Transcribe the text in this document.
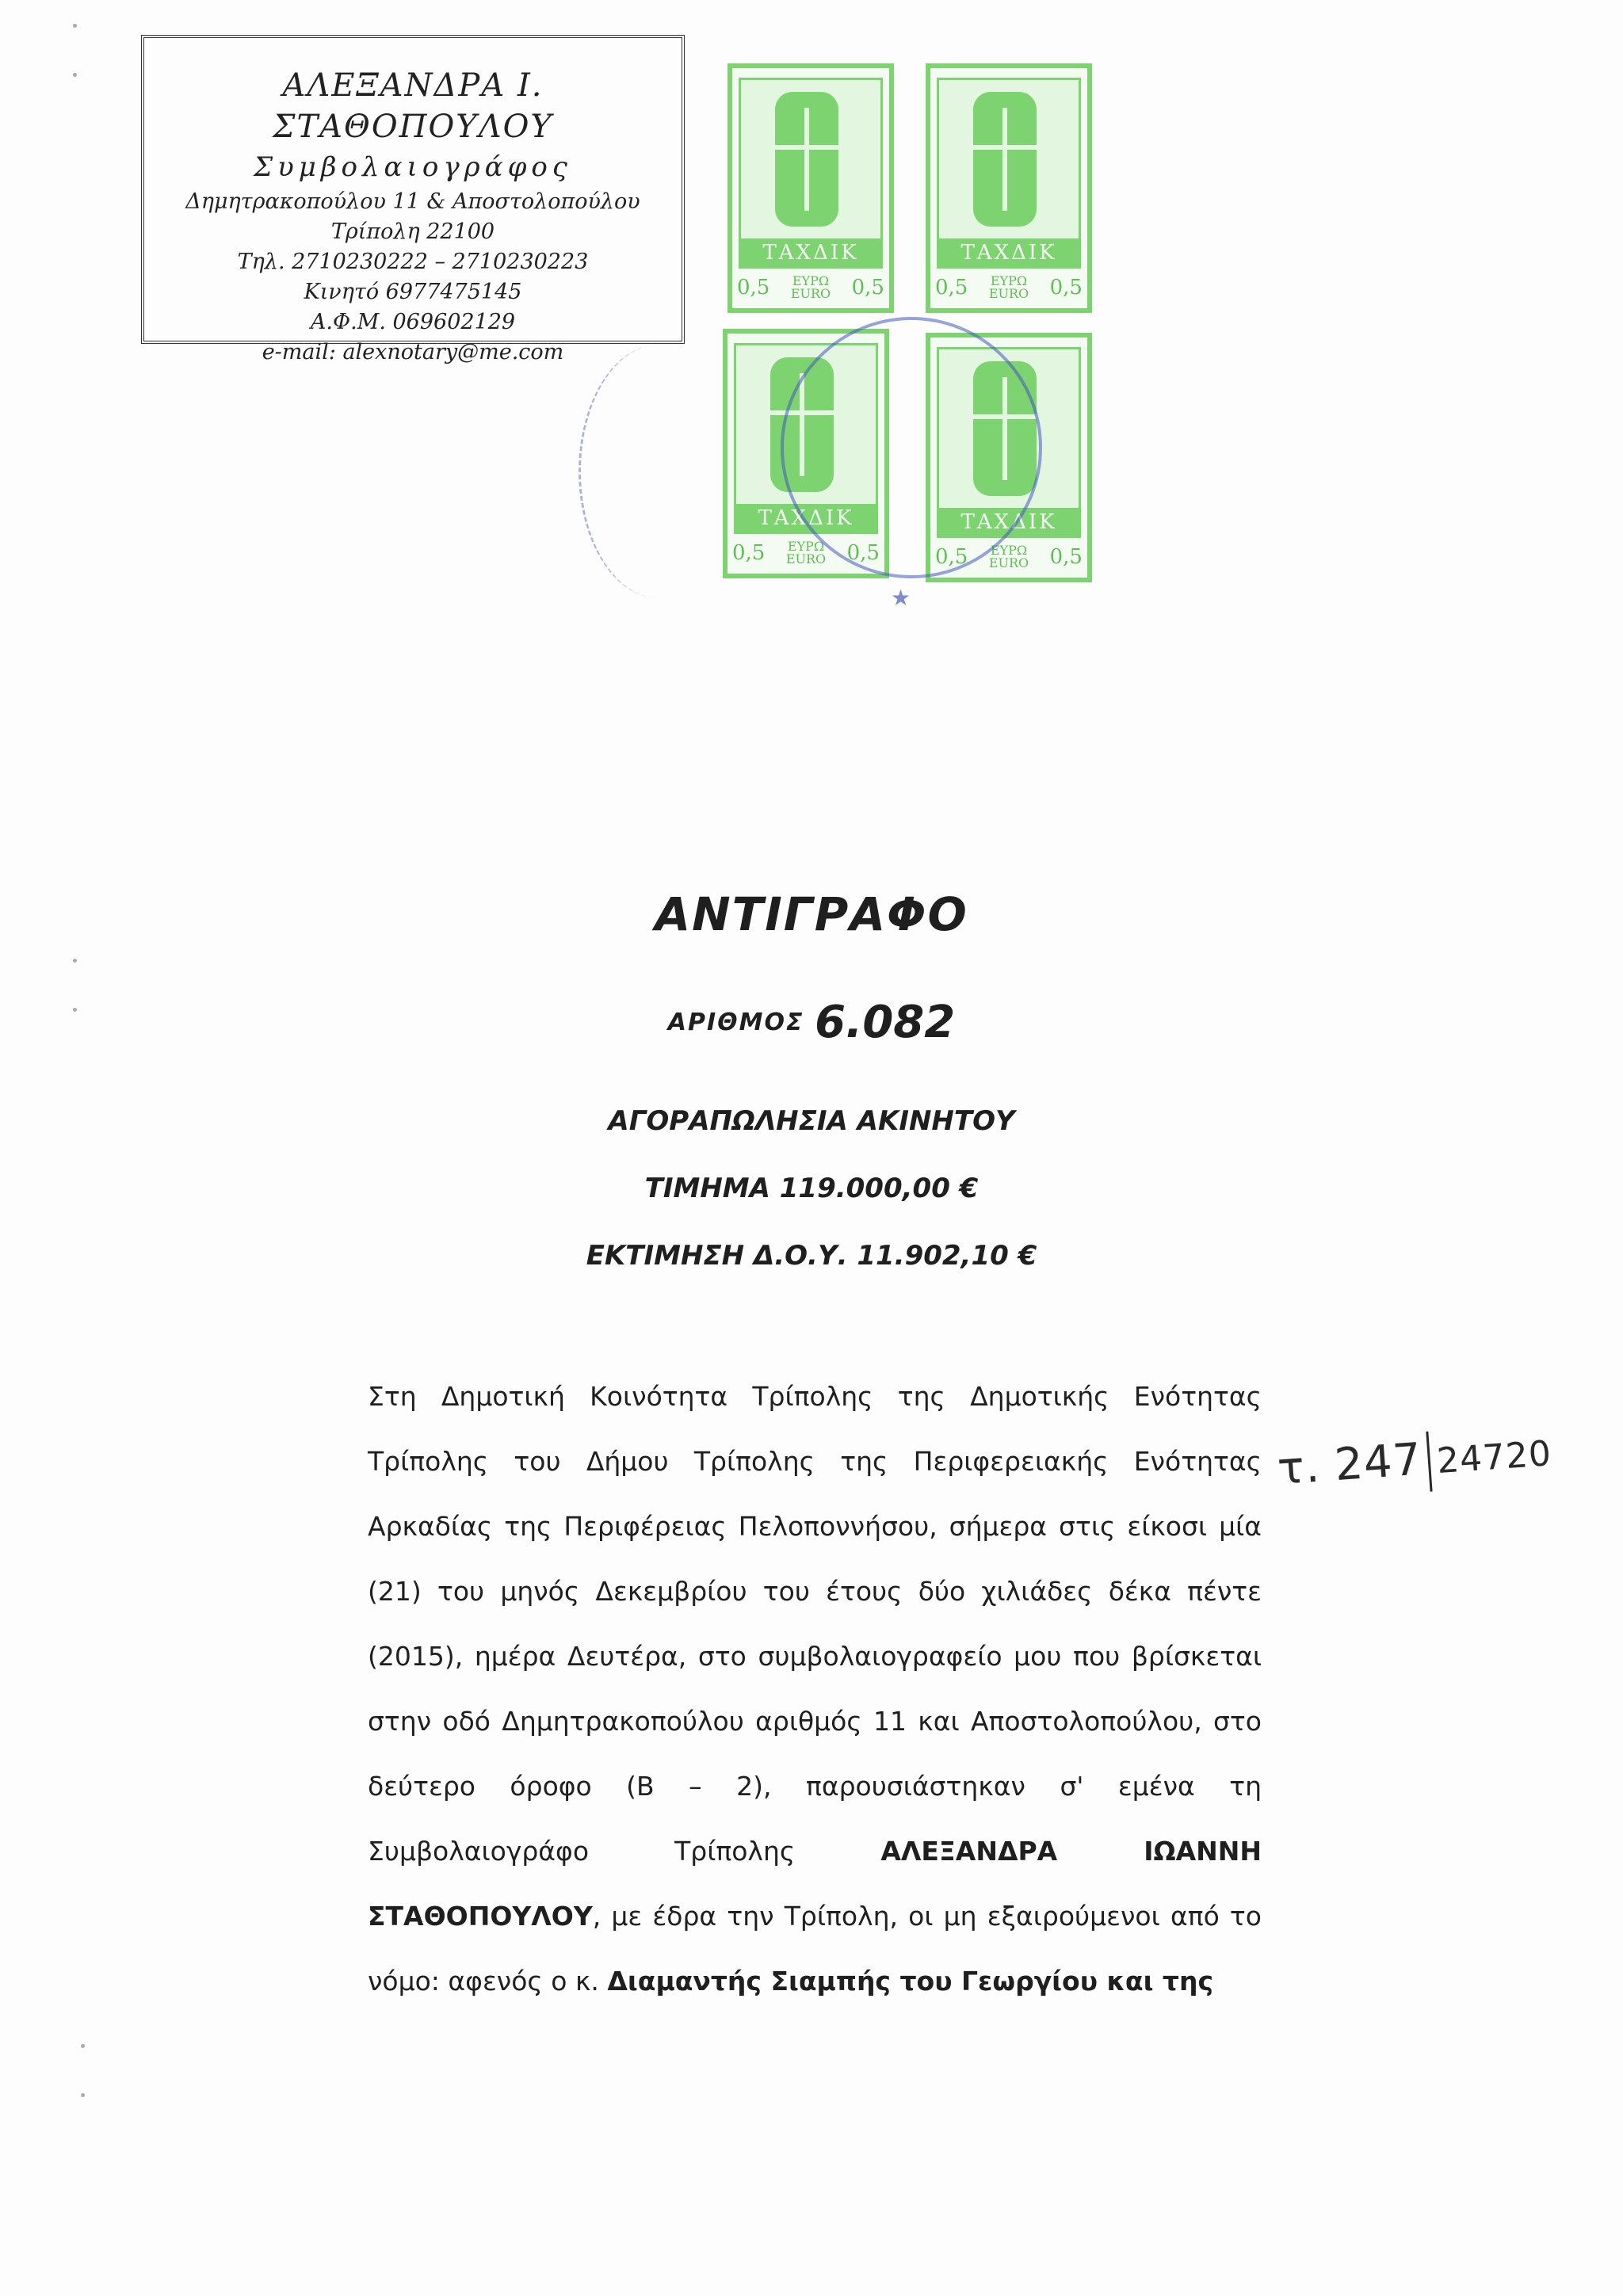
ΑΛΕΞΑΝΔΡΑ Ι. ΣΤΑΘΟΠΟΥΛΟΥ
Συμβολαιογράφος
Δημητρακοπούλου 11 & Αποστολοπούλου
Τρίπολη 22100
Τηλ. 2710230222 – 2710230223
Κινητό 6977475145
Α.Φ.Μ. 069602129
e-mail: alexnotary@me.com
ΤΑΧΔΙΚ
0,5 ΕΥΡΩ
EURO 0,5
ΤΑΧΔΙΚ
0,5 ΕΥΡΩ
EURO 0,5
ΤΑΧΔΙΚ
0,5 ΕΥΡΩ
EURO 0,5
ΤΑΧΔΙΚ
0,5 ΕΥΡΩ
EURO 0,5
★
ΑΝΤΙΓΡΑΦΟ
ΑΡΙΘΜΟΣ 6.082
ΑΓΟΡΑΠΩΛΗΣΙΑ ΑΚΙΝΗΤΟΥ
ΤΙΜΗΜΑ 119.000,00 €
ΕΚΤΙΜΗΣΗ Δ.Ο.Υ. 11.902,10 €
Στη Δημοτική Κοινότητα Τρίπολης της Δημοτικής Ενότητας Τρίπολης του Δήμου Τρίπολης της Περιφερειακής Ενότητας Αρκαδίας της Περιφέρειας Πελοποννήσου, σήμερα στις είκοσι μία (21) του μηνός Δεκεμβρίου του έτους δύο χιλιάδες δέκα πέντε (2015), ημέρα Δευτέρα, στο συμβολαιογραφείο μου που βρίσκεται στην οδό Δημητρακοπούλου αριθμός 11 και Αποστολοπούλου, στο δεύτερο όροφο (Β – 2), παρουσιάστηκαν σ' εμένα τη Συμβολαιογράφο Τρίπολης ΑΛΕΞΑΝΔΡΑ ΙΩΑΝΝΗ ΣΤΑΘΟΠΟΥΛΟΥ, με έδρα την Τρίπολη, οι μη εξαιρούμενοι από το νόμο: αφενός ο κ. Διαμαντής Σιαμπής του Γεωργίου και της
τ. 247 24720
